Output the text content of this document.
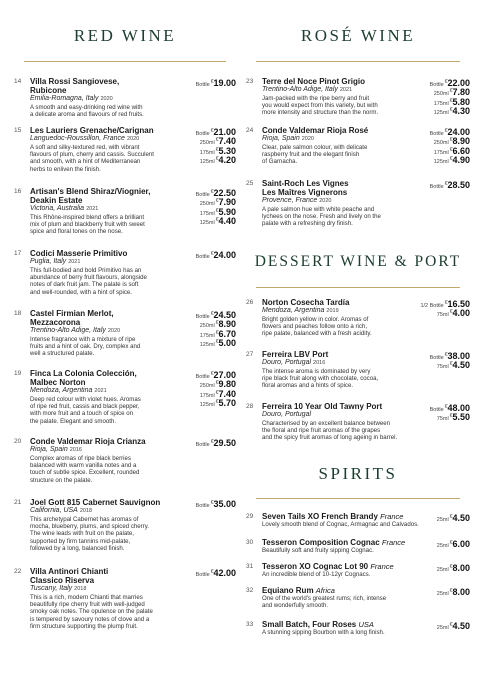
RED WINE
14	Villa Rossi Sangiovese,
Rubicone
Emilia-Romagna, Italy 2020
A smooth and easy-drinking red wine with
a delicate aroma and flavours of red fruits.
Bottle€19.00
15	Les Lauriers Grenache/Carignan
Languedoc-Roussillon, France 2020
A soft and silky-textured red, with vibrant
flavours of plum, cherry and cassis. Succulent
and smooth, with a hint of Mediterranean
herbs to enliven the finish.
Bottle€21.00
250ml€7.40
175ml€5.30
125ml€4.20
16	Artisan's Blend Shiraz/Viognier,
Deakin Estate
Victoria, Australia 2021
This Rhône-inspired blend offers a brilliant
mix of plum and blackberry fruit with sweet
spice and floral tones on the nose.
Bottle€22.50
250ml€7.90
175ml€5.90
125ml€4.40
17	Codici Masserie Primitivo
Puglia, Italy 2021
This full-bodied and bold Primitivo has an
abundance of berry fruit flavours, alongside
notes of dark fruit jam. The palate is soft
and well-rounded, with a hint of spice.
Bottle€24.00
18	Castel Firmian Merlot,
Mezzacorona
Trentino-Alto Adige, Italy 2020
Intense fragrance with a mixture of ripe
fruits and a hint of oak. Dry, complex and
well a structured palate.
Bottle€24.50
250ml€8.90
175ml€6.70
125ml€5.00
19	Finca La Colonia Colección,
Malbec Norton
Mendoza, Argentina 2021
Deep red colour with violet hues. Aromas
of ripe red fruit, cassis and black pepper,
with more fruit and a touch of spice on
the palate. Elegant and smooth.
Bottle€27.00
250ml€9.80
175ml€7.40
125ml€5.70
20	Conde Valdemar Rioja Crianza
Rioja, Spain 2016
Complex aromas of ripe black berries
balanced with warm vanilla notes and a
touch of subtle spice. Excellent, rounded
structure on the palate.
Bottle€29.50
21	Joel Gott 815 Cabernet Sauvignon
California, USA 2018
This archetypal Cabernet has aromas of
mocha, blueberry, plums, and spiced cherry.
The wine leads with fruit on the palate,
supported by firm tannins mid-palate,
followed by a long, balanced finish.
Bottle€35.00
22	Villa Antinori Chianti
Classico Riserva
Tuscany, Italy 2018
This is a rich, modern Chianti that marries
beautifully ripe cherry fruit with well-judged
smoky oak notes. The opulence on the palate
is tempered by savoury notes of clove and a
firm structure supporting the plump fruit.
Bottle€42.00
ROSÉ WINE
23	Terre del Noce Pinot Grigio
Trentino-Alto Adige, Italy 2021
Jam-packed with the ripe berry and fruit
you would expect from this variety, but with
more intensity and structure than the norm.
Bottle€22.00
250ml€7.80
175ml€5.80
125ml€4.30
24	Conde Valdemar Rioja Rosé
Rioja, Spain 2020
Clear, pale salmon colour, with delicate
raspberry fruit and the elegant finish
of Garnacha.
Bottle€24.00
250ml€8.90
175ml€6.60
125ml€4.90
25	Saint-Roch Les Vignes
Les Maîtres Vignerons
Provence, France 2020
A pale salmon hue with white peache and
lychees on the nose. Fresh and lively on the
palate with a refreshing dry finish.
Bottle€28.50
DESSERT WINE & PORT
26	Norton Cosecha Tardía
Mendoza, Argentina 2019
Bright golden yellow in color. Aromas of
flowers and peaches follow onto a rich,
ripe palate, balanced with a fresh acidity.
1/2 Bottle€16.50
75ml€4.00
27	Ferreira LBV Port
Douro, Portugal 2016
The intense aroma is dominated by very
ripe black fruit along with chocolate, cocoa,
floral aromas and a hints of spice.
Bottle€38.00
75ml€4.50
28	Ferreira 10 Year Old Tawny Port
Douro, Portugal
Characterised by an excellent balance between
the floral and ripe fruit aromas of the grapes
and the spicy fruit aromas of long ageing in barrel.
Bottle€48.00
75ml€5.50
SPIRITS
29	Seven Tails XO French Brandy France
Lovely smooth blend of Cognac, Armagnac and Calvados.
25ml€4.50
30	Tesseron Composition Cognac France
Beautifully soft and fruity sipping Cognac.
25ml€6.00
31	Tesseron XO Cognac Lot 90 France
An incredible blend of 10-12yr Cognacs.
25ml€8.00
32	Equiano Rum Africa
One of the world's greatest rums; rich, intense
and wonderfully smooth.
25ml€8.00
33	Small Batch, Four Roses USA
A stunning sipping Bourbon with a long finish.
25ml€4.50
